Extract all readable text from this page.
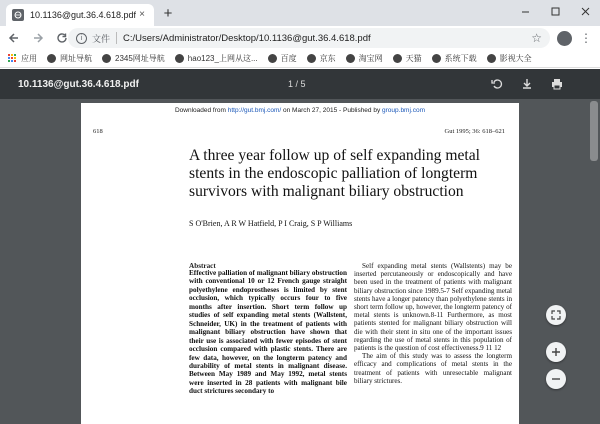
10.1136@gut.36.4.618.pdf × +
i	文件 C:/Users/Administrator/Desktop/10.1136@gut.36.4.618.pdf	☆	⋮
应用	网址导航	2345网址导航	hao123_上网从这...	百度	京东	淘宝网	天猫	系统下载	影视大全
10.1136@gut.36.4.618.pdf	1 / 5
Downloaded from http://gut.bmj.com/ on March 27, 2015 - Published by group.bmj.com
618	Gut 1995; 36: 618–621
A three year follow up of self expanding metal stents in the endoscopic palliation of longterm survivors with malignant biliary obstruction
S O'Brien, A R W Hatfield, P I Craig, S P Williams
Abstract
Effective palliation of malignant biliary obstruction with conventional 10 or 12 French gauge straight polyethylene endoprostheses is limited by stent occlusion, which typically occurs four to five months after insertion. Short term follow up studies of self expanding metal stents (Wallstent, Schneider, UK) in the treatment of patients with malignant biliary obstruction have shown that their use is associated with fewer episodes of stent occlusion compared with plastic stents. There are few data, however, on the longterm patency and durability of metal stents in malignant disease. Between May 1989 and May 1992, metal stents were inserted in 28 patients with malignant bile duct strictures secondary to

Self expanding metal stents (Wallstents) may be inserted percutaneously or endoscopically and have been used in the treatment of patients with malignant biliary obstruction since 1989.5-7 Self expanding metal stents have a longer patency than polyethylene stents in short term follow up, however, the longterm patency of metal stents is unknown.8-11 Furthermore, as most patients stented for malignant biliary obstruction will die with their stent in situ one of the important issues regarding the use of metal stents in this population of patients is the question of cost effectiveness.9 11 12

The aim of this study was to assess the longterm efficacy and complications of metal stents in the treatment of patients with unresectable malignant biliary strictures.
